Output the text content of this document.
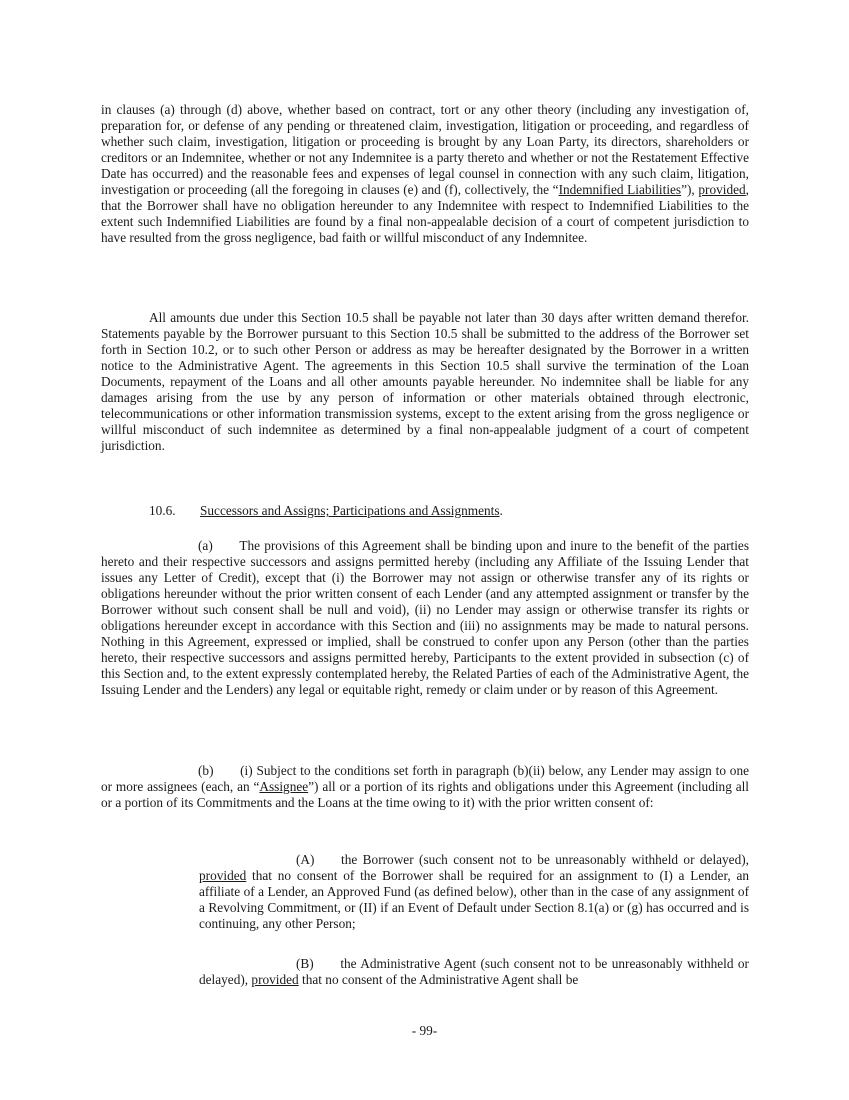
in clauses (a) through (d) above, whether based on contract, tort or any other theory (including any investigation of, preparation for, or defense of any pending or threatened claim, investigation, litigation or proceeding, and regardless of whether such claim, investigation, litigation or proceeding is brought by any Loan Party, its directors, shareholders or creditors or an Indemnitee, whether or not any Indemnitee is a party thereto and whether or not the Restatement Effective Date has occurred) and the reasonable fees and expenses of legal counsel in connection with any such claim, litigation, investigation or proceeding (all the foregoing in clauses (e) and (f), collectively, the “Indemnified Liabilities”), provided, that the Borrower shall have no obligation hereunder to any Indemnitee with respect to Indemnified Liabilities to the extent such Indemnified Liabilities are found by a final non-appealable decision of a court of competent jurisdiction to have resulted from the gross negligence, bad faith or willful misconduct of any Indemnitee.

All amounts due under this Section 10.5 shall be payable not later than 30 days after written demand therefor. Statements payable by the Borrower pursuant to this Section 10.5 shall be submitted to the address of the Borrower set forth in Section 10.2, or to such other Person or address as may be hereafter designated by the Borrower in a written notice to the Administrative Agent. The agreements in this Section 10.5 shall survive the termination of the Loan Documents, repayment of the Loans and all other amounts payable hereunder. No indemnitee shall be liable for any damages arising from the use by any person of information or other materials obtained through electronic, telecommunications or other information transmission systems, except to the extent arising from the gross negligence or willful misconduct of such indemnitee as determined by a final non-appealable judgment of a court of competent jurisdiction.

10.6. Successors and Assigns; Participations and Assignments.

(a)  The provisions of this Agreement shall be binding upon and inure to the benefit of the parties hereto and their respective successors and assigns permitted hereby (including any Affiliate of the Issuing Lender that issues any Letter of Credit), except that (i) the Borrower may not assign or otherwise transfer any of its rights or obligations hereunder without the prior written consent of each Lender (and any attempted assignment or transfer by the Borrower without such consent shall be null and void), (ii) no Lender may assign or otherwise transfer its rights or obligations hereunder except in accordance with this Section and (iii) no assignments may be made to natural persons. Nothing in this Agreement, expressed or implied, shall be construed to confer upon any Person (other than the parties hereto, their respective successors and assigns permitted hereby, Participants to the extent provided in subsection (c) of this Section and, to the extent expressly contemplated hereby, the Related Parties of each of the Administrative Agent, the Issuing Lender and the Lenders) any legal or equitable right, remedy or claim under or by reason of this Agreement.

(b)  (i) Subject to the conditions set forth in paragraph (b)(ii) below, any Lender may assign to one or more assignees (each, an “Assignee”) all or a portion of its rights and obligations under this Agreement (including all or a portion of its Commitments and the Loans at the time owing to it) with the prior written consent of:

(A)  the Borrower (such consent not to be unreasonably withheld or delayed), provided that no consent of the Borrower shall be required for an assignment to (I) a Lender, an affiliate of a Lender, an Approved Fund (as defined below), other than in the case of any assignment of a Revolving Commitment, or (II) if an Event of Default under Section 8.1(a) or (g) has occurred and is continuing, any other Person;

(B)  the Administrative Agent (such consent not to be unreasonably withheld or delayed), provided that no consent of the Administrative Agent shall be

- 99-
